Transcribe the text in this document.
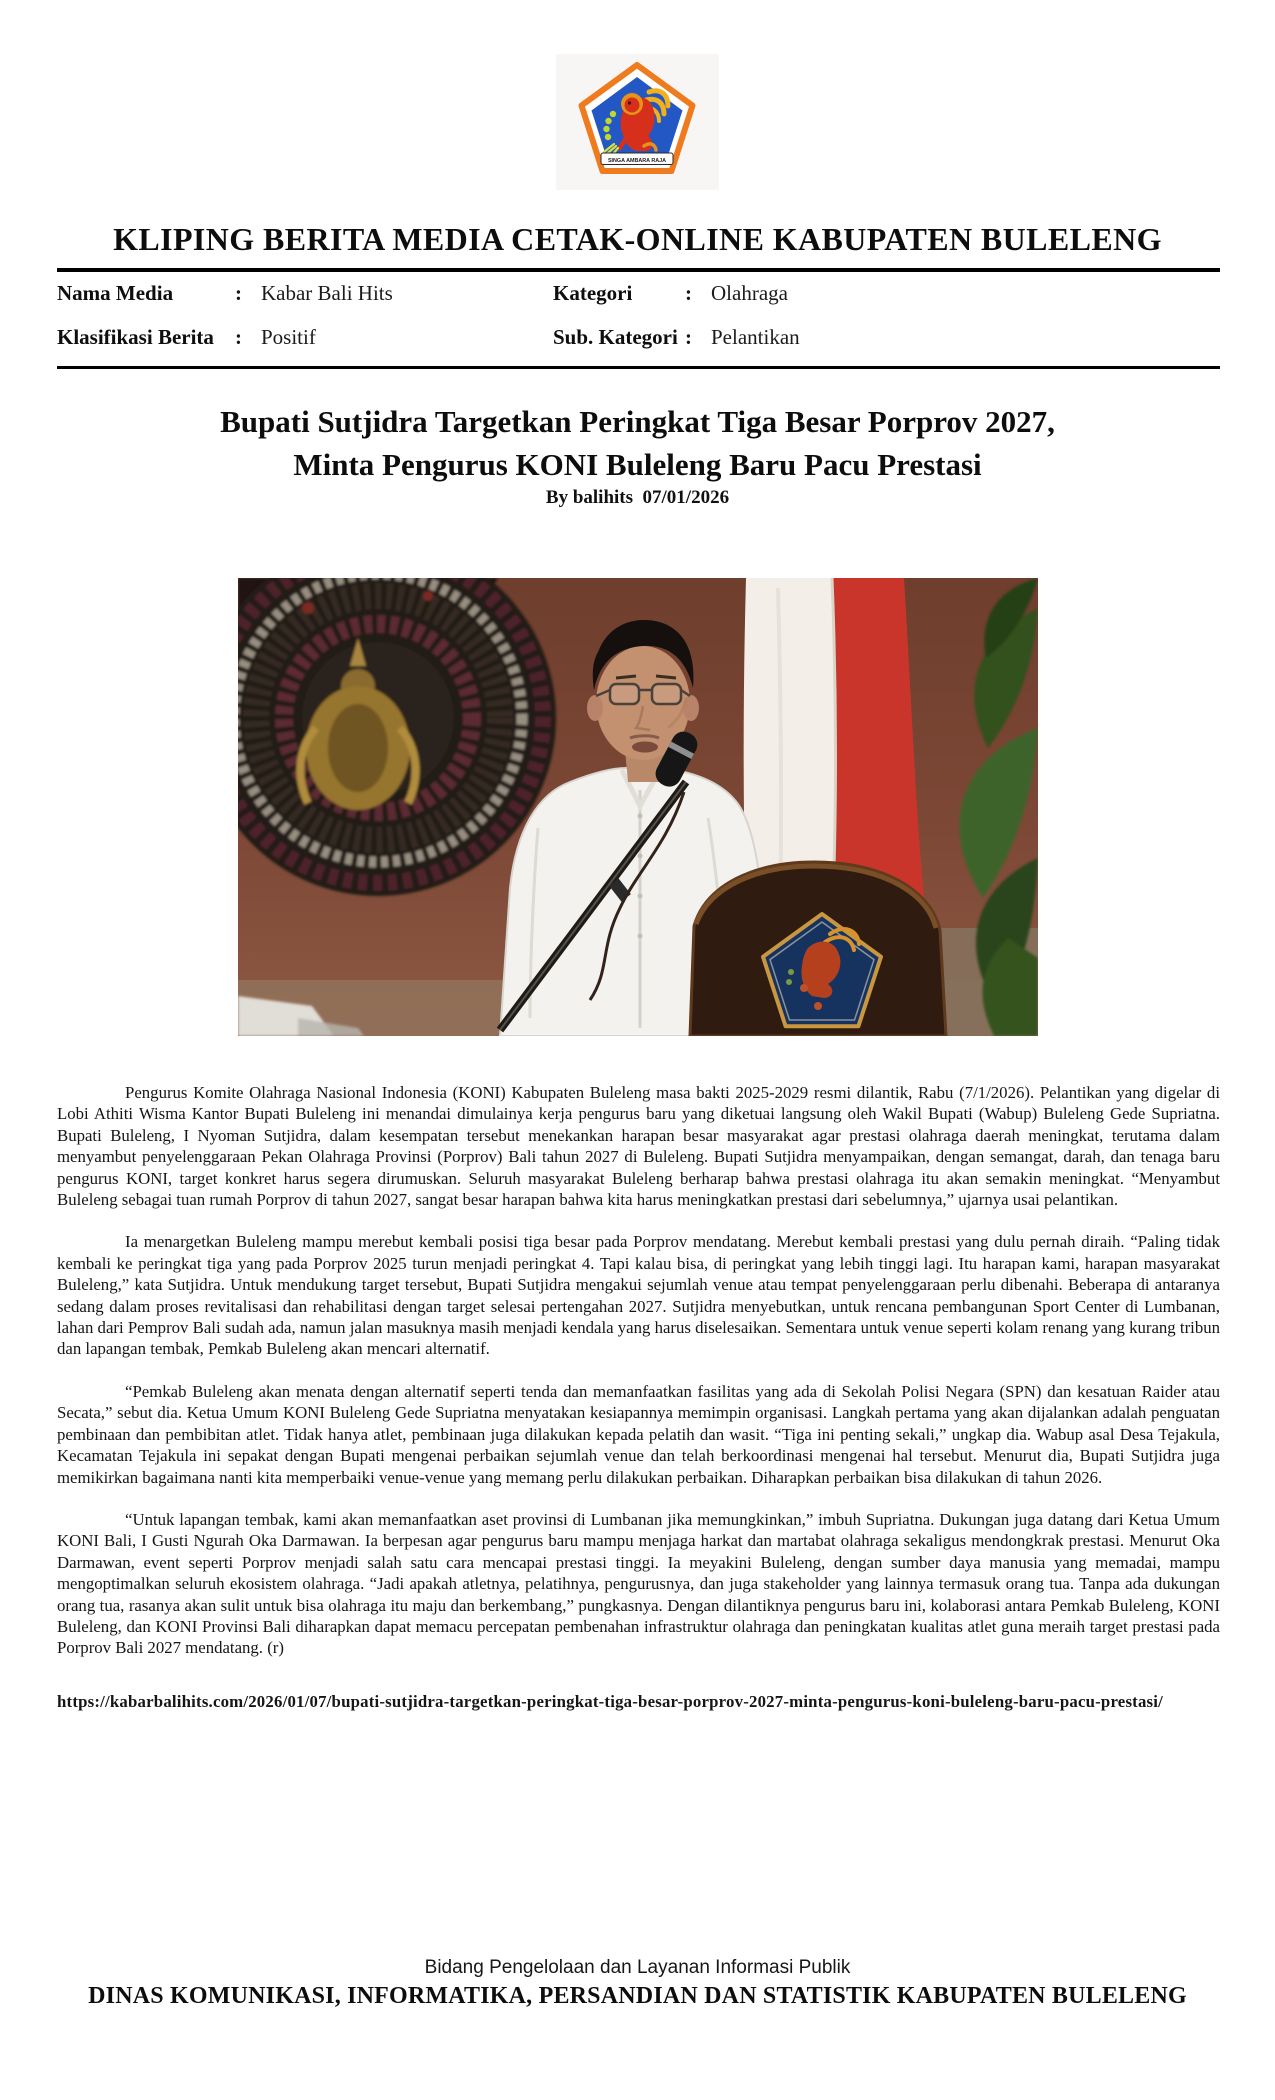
SINGA AMBARA RAJA
KLIPING BERITA MEDIA CETAK-ONLINE KABUPATEN BULELENG
Nama Media	: Kabar Bali Hits	Kategori	: Olahraga
Klasifikasi Berita	: Positif	Sub. Kategori : Pelantikan
Bupati Sutjidra Targetkan Peringkat Tiga Besar Porprov 2027,
Minta Pengurus KONI Buleleng Baru Pacu Prestasi
By balihits  07/01/2026

Pengurus Komite Olahraga Nasional Indonesia (KONI) Kabupaten Buleleng masa bakti 2025-2029 resmi dilantik, Rabu (7/1/2026). Pelantikan yang digelar di Lobi Athiti Wisma Kantor Bupati Buleleng ini menandai dimulainya kerja pengurus baru yang diketuai langsung oleh Wakil Bupati (Wabup) Buleleng Gede Supriatna. Bupati Buleleng, I Nyoman Sutjidra, dalam kesempatan tersebut menekankan harapan besar masyarakat agar prestasi olahraga daerah meningkat, terutama dalam menyambut penyelenggaraan Pekan Olahraga Provinsi (Porprov) Bali tahun 2027 di Buleleng. Bupati Sutjidra menyampaikan, dengan semangat, darah, dan tenaga baru pengurus KONI, target konkret harus segera dirumuskan. Seluruh masyarakat Buleleng berharap bahwa prestasi olahraga itu akan semakin meningkat. “Menyambut Buleleng sebagai tuan rumah Porprov di tahun 2027, sangat besar harapan bahwa kita harus meningkatkan prestasi dari sebelumnya,” ujarnya usai pelantikan.

Ia menargetkan Buleleng mampu merebut kembali posisi tiga besar pada Porprov mendatang. Merebut kembali prestasi yang dulu pernah diraih. “Paling tidak kembali ke peringkat tiga yang pada Porprov 2025 turun menjadi peringkat 4. Tapi kalau bisa, di peringkat yang lebih tinggi lagi. Itu harapan kami, harapan masyarakat Buleleng,” kata Sutjidra. Untuk mendukung target tersebut, Bupati Sutjidra mengakui sejumlah venue atau tempat penyelenggaraan perlu dibenahi. Beberapa di antaranya sedang dalam proses revitalisasi dan rehabilitasi dengan target selesai pertengahan 2027. Sutjidra menyebutkan, untuk rencana pembangunan Sport Center di Lumbanan, lahan dari Pemprov Bali sudah ada, namun jalan masuknya masih menjadi kendala yang harus diselesaikan. Sementara untuk venue seperti kolam renang yang kurang tribun dan lapangan tembak, Pemkab Buleleng akan mencari alternatif.

“Pemkab Buleleng akan menata dengan alternatif seperti tenda dan memanfaatkan fasilitas yang ada di Sekolah Polisi Negara (SPN) dan kesatuan Raider atau Secata,” sebut dia. Ketua Umum KONI Buleleng Gede Supriatna menyatakan kesiapannya memimpin organisasi. Langkah pertama yang akan dijalankan adalah penguatan pembinaan dan pembibitan atlet. Tidak hanya atlet, pembinaan juga dilakukan kepada pelatih dan wasit. “Tiga ini penting sekali,” ungkap dia. Wabup asal Desa Tejakula, Kecamatan Tejakula ini sepakat dengan Bupati mengenai perbaikan sejumlah venue dan telah berkoordinasi mengenai hal tersebut. Menurut dia, Bupati Sutjidra juga memikirkan bagaimana nanti kita memperbaiki venue-venue yang memang perlu dilakukan perbaikan. Diharapkan perbaikan bisa dilakukan di tahun 2026.

“Untuk lapangan tembak, kami akan memanfaatkan aset provinsi di Lumbanan jika memungkinkan,” imbuh Supriatna. Dukungan juga datang dari Ketua Umum KONI Bali, I Gusti Ngurah Oka Darmawan. Ia berpesan agar pengurus baru mampu menjaga harkat dan martabat olahraga sekaligus mendongkrak prestasi. Menurut Oka Darmawan, event seperti Porprov menjadi salah satu cara mencapai prestasi tinggi. Ia meyakini Buleleng, dengan sumber daya manusia yang memadai, mampu mengoptimalkan seluruh ekosistem olahraga. “Jadi apakah atletnya, pelatihnya, pengurusnya, dan juga stakeholder yang lainnya termasuk orang tua. Tanpa ada dukungan orang tua, rasanya akan sulit untuk bisa olahraga itu maju dan berkembang,” pungkasnya. Dengan dilantiknya pengurus baru ini, kolaborasi antara Pemkab Buleleng, KONI Buleleng, dan KONI Provinsi Bali diharapkan dapat memacu percepatan pembenahan infrastruktur olahraga dan peningkatan kualitas atlet guna meraih target prestasi pada Porprov Bali 2027 mendatang. (r)

https://kabarbalihits.com/2026/01/07/bupati-sutjidra-targetkan-peringkat-tiga-besar-porprov-2027-minta-pengurus-koni-buleleng-baru-pacu-prestasi/

Bidang Pengelolaan dan Layanan Informasi Publik
DINAS KOMUNIKASI, INFORMATIKA, PERSANDIAN DAN STATISTIK KABUPATEN BULELENG
